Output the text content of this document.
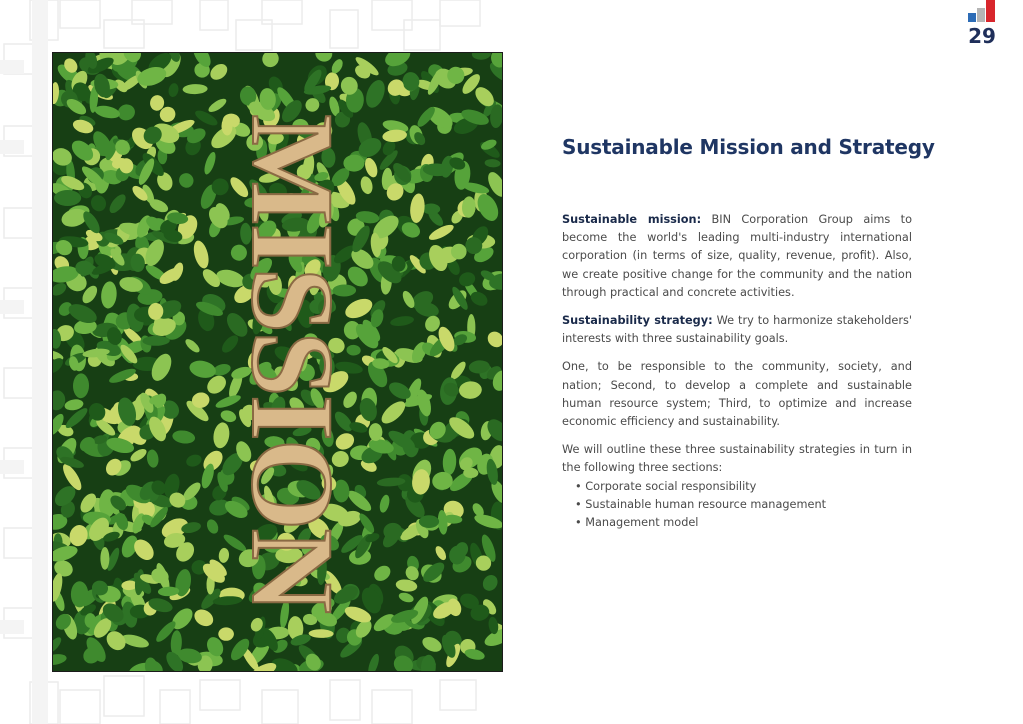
MISSION
29
Sustainable Mission and Strategy

Sustainable mission: BIN Corporation Group aims to become the world's leading multi-industry international corporation (in terms of size, quality, revenue, profit). Also, we create positive change for the community and the nation through practical and concrete activities.

Sustainability strategy: We try to harmonize stakeholders' interests with three sustainability goals.

One, to be responsible to the community, society, and nation; Second, to develop a complete and sustainable human resource system; Third, to optimize and increase economic efficiency and sustainability.

We will outline these three sustainability strategies in turn in the following three sections:

• Corporate social responsibility
• Sustainable human resource management
• Management model
